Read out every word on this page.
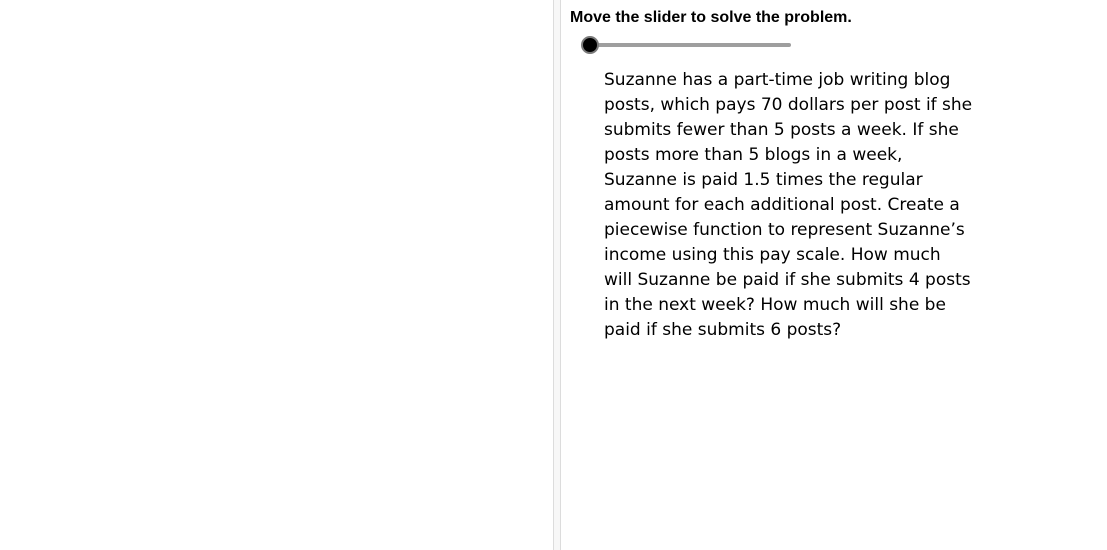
Move the slider to solve the problem.

Suzanne has a part-time job writing blog posts, which pays 70 dollars per post if she submits fewer than 5 posts a week. If she posts more than 5 blogs in a week, Suzanne is paid 1.5 times the regular amount for each additional post. Create a piecewise function to represent Suzanne’s income using this pay scale. How much will Suzanne be paid if she submits 4 posts in the next week? How much will she be paid if she submits 6 posts?
